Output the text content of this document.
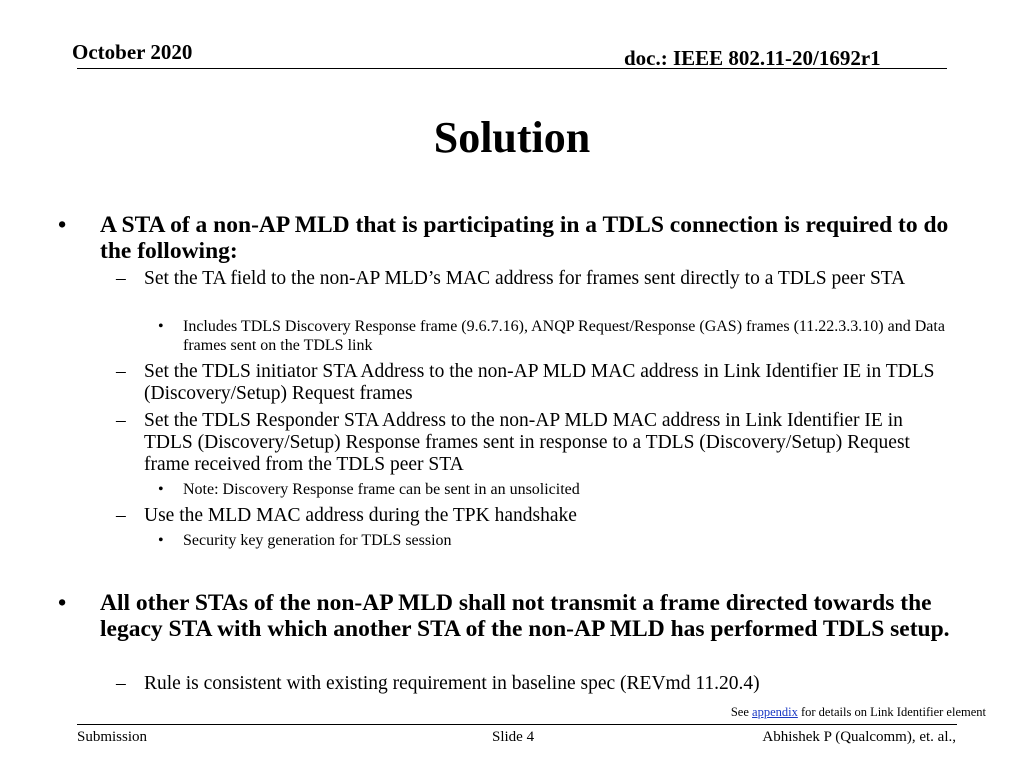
October 2020	doc.: IEEE 802.11-20/1692r1
Solution
• A STA of a non-AP MLD that is participating in a TDLS connection is required to do the following:
– Set the TA field to the non-AP MLD’s MAC address for frames sent directly to a TDLS peer STA
• Includes TDLS Discovery Response frame (9.6.7.16), ANQP Request/Response (GAS) frames (11.22.3.3.10) and Data frames sent on the TDLS link
– Set the TDLS initiator STA Address to the non-AP MLD MAC address in Link Identifier IE in TDLS (Discovery/Setup) Request frames
– Set the TDLS Responder STA Address to the non-AP MLD MAC address in Link Identifier IE in TDLS (Discovery/Setup) Response frames sent in response to a TDLS (Discovery/Setup) Request frame received from the TDLS peer STA
• Note: Discovery Response frame can be sent in an unsolicited
– Use the MLD MAC address during the TPK handshake
• Security key generation for TDLS session
• All other STAs of the non-AP MLD shall not transmit a frame directed towards the legacy STA with which another STA of the non-AP MLD has performed TDLS setup.
– Rule is consistent with existing requirement in baseline spec (REVmd 11.20.4)
See appendix for details on Link Identifier element
Submission	Slide 4	Abhishek P (Qualcomm), et. al.,
